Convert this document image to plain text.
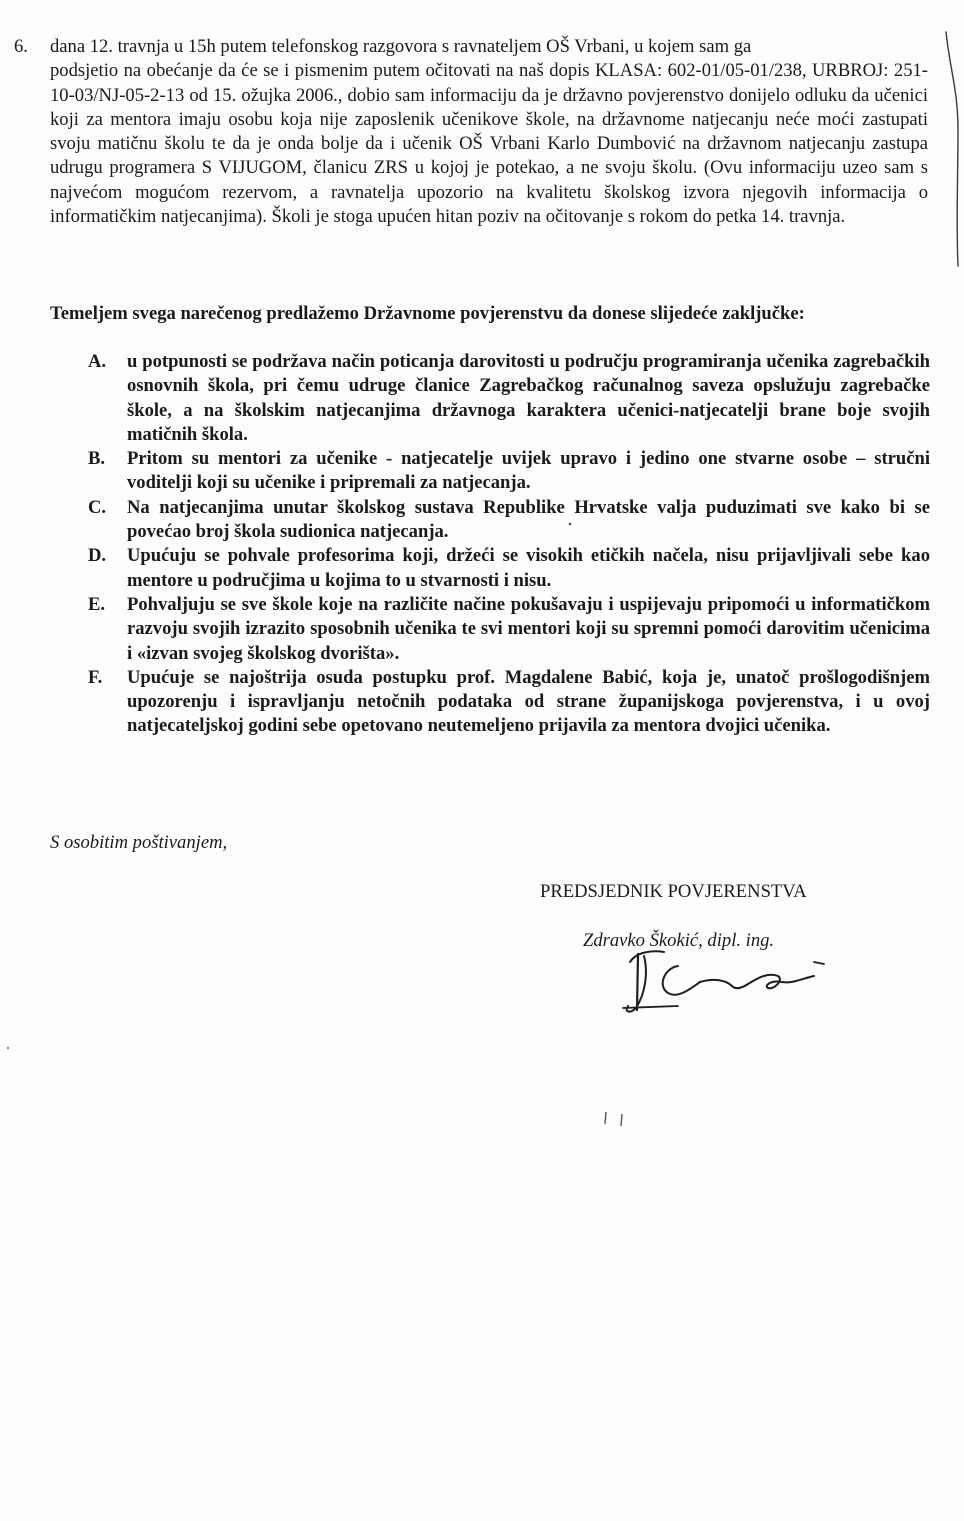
6. dana 12. travnja u 15h putem telefonskog razgovora s ravnateljem OŠ Vrbani, u kojem sam ga
podsjetio na obećanje da će se i pismenim putem očitovati na naš dopis KLASA: 602-01/05-01/238, URBROJ: 251-10-03/NJ-05-2-13 od 15. ožujka 2006., dobio sam informaciju da je državno povjerenstvo donijelo odluku da učenici koji za mentora imaju osobu koja nije zaposlenik učenikove škole, na državnome natjecanju neće moći zastupati svoju matičnu školu te da je onda bolje da i učenik OŠ Vrbani Karlo Dumbović na državnom natjecanju zastupa udrugu programera S VIJUGOM, članicu ZRS u kojoj je potekao, a ne svoju školu. (Ovu informaciju uzeo sam s najvećom mogućom rezervom, a ravnatelja upozorio na kvalitetu školskog izvora njegovih informacija o informatičkim natjecanjima). Školi je stoga upućen hitan poziv na očitovanje s rokom do petka 14. travnja.
Temeljem svega narečenog predlažemo Državnome povjerenstvu da donese slijedeće zaključke:
A. u potpunosti se podržava način poticanja darovitosti u području programiranja učenika zagrebačkih osnovnih škola, pri čemu udruge članice Zagrebačkog računalnog saveza opslužuju zagrebačke škole, a na školskim natjecanjima državnoga karaktera učenici-natjecatelji brane boje svojih matičnih škola.
B. Pritom su mentori za učenike - natjecatelje uvijek upravo i jedino one stvarne osobe – stručni voditelji koji su učenike i pripremali za natjecanja.
C. Na natjecanjima unutar školskog sustava Republike Hrvatske valja puduzimati sve kako bi se povećao broj škola sudionica natjecanja.
D. Upućuju se pohvale profesorima koji, držeći se visokih etičkih načela, nisu prijavljivali sebe kao mentore u područjima u kojima to u stvarnosti i nisu.
E. Pohvaljuju se sve škole koje na različite načine pokušavaju i uspijevaju pripomoći u informatičkom razvoju svojih izrazito sposobnih učenika te svi mentori koji su spremni pomoći darovitim učenicima i «izvan svojeg školskog dvorišta».
F. Upućuje se najoštrija osuda postupku prof. Magdalene Babić, koja je, unatoč prošlogodišnjem upozorenju i ispravljanju netočnih podataka od strane županijskoga povjerenstva, i u ovoj natjecateljskoj godini sebe opetovano neutemeljeno prijavila za mentora dvojici učenika.
S osobitim poštivanjem,
PREDSJEDNIK POVJERENSTVA
Zdravko Škokić, dipl. ing.
